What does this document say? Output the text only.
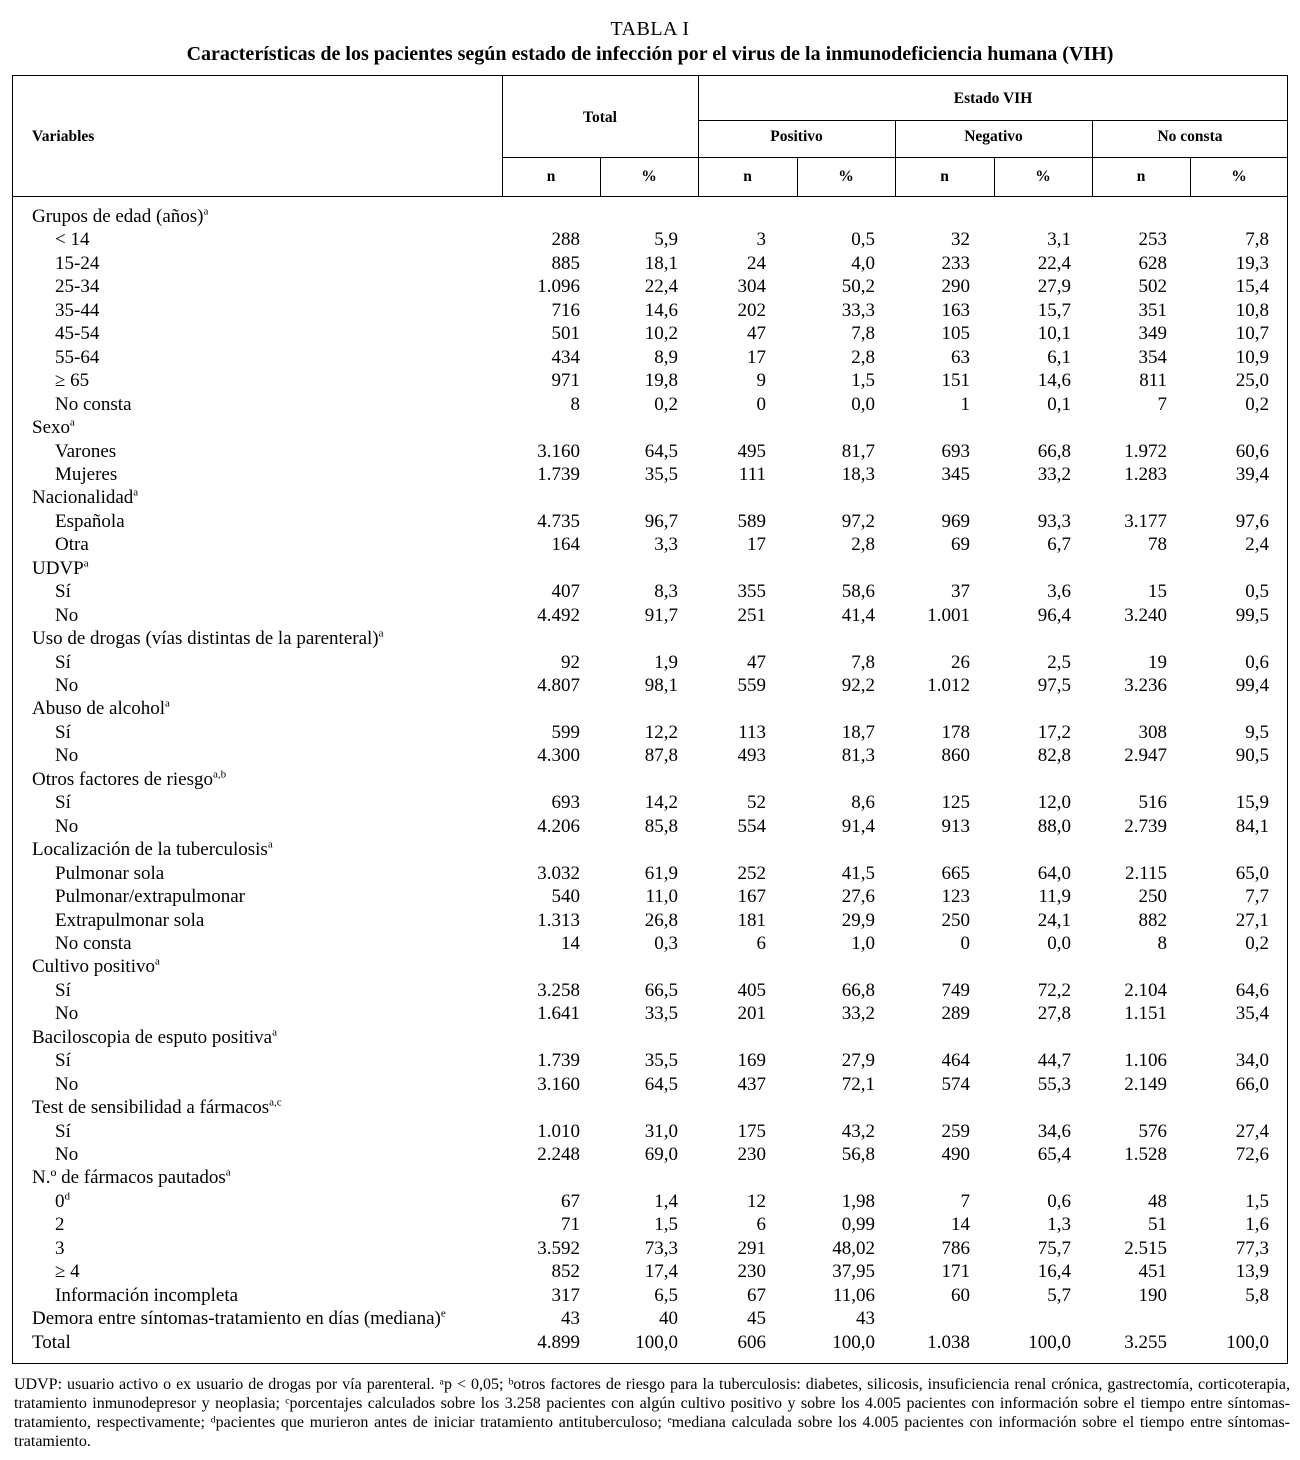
TABLA I
Características de los pacientes según estado de infección por el virus de la inmunodeficiencia humana (VIH)
Variables
Total
Estado VIH
Positivo	Negativo	No consta
n	%	n	%	n	%	n	%
Grupos de edad (años)$^a$
< 14	288	5,9	3	0,5	32	3,1	253	7,8
15-24	885	18,1	24	4,0	233	22,4	628	19,3
25-34	1.096	22,4	304	50,2	290	27,9	502	15,4
35-44	716	14,6	202	33,3	163	15,7	351	10,8
45-54	501	10,2	47	7,8	105	10,1	349	10,7
55-64	434	8,9	17	2,8	63	6,1	354	10,9
≥ 65	971	19,8	9	1,5	151	14,6	811	25,0
No consta	8	0,2	0	0,0	1	0,1	7	0,2
Sexo$^a$
Varones	3.160	64,5	495	81,7	693	66,8	1.972	60,6
Mujeres	1.739	35,5	111	18,3	345	33,2	1.283	39,4
Nacionalidad$^a$
Española	4.735	96,7	589	97,2	969	93,3	3.177	97,6
Otra	164	3,3	17	2,8	69	6,7	78	2,4
UDVP$^a$
Sí	407	8,3	355	58,6	37	3,6	15	0,5
No	4.492	91,7	251	41,4	1.001	96,4	3.240	99,5
Uso de drogas (vías distintas de la parenteral)$^a$
Sí	92	1,9	47	7,8	26	2,5	19	0,6
No	4.807	98,1	559	92,2	1.012	97,5	3.236	99,4
Abuso de alcohol$^a$
Sí	599	12,2	113	18,7	178	17,2	308	9,5
No	4.300	87,8	493	81,3	860	82,8	2.947	90,5
Otros factores de riesgo$^{a,b}$
Sí	693	14,2	52	8,6	125	12,0	516	15,9
No	4.206	85,8	554	91,4	913	88,0	2.739	84,1
Localización de la tuberculosis$^a$
Pulmonar sola	3.032	61,9	252	41,5	665	64,0	2.115	65,0
Pulmonar/extrapulmonar	540	11,0	167	27,6	123	11,9	250	7,7
Extrapulmonar sola	1.313	26,8	181	29,9	250	24,1	882	27,1
No consta	14	0,3	6	1,0	0	0,0	8	0,2
Cultivo positivo$^a$
Sí	3.258	66,5	405	66,8	749	72,2	2.104	64,6
No	1.641	33,5	201	33,2	289	27,8	1.151	35,4
Baciloscopia de esputo positiva$^a$
Sí	1.739	35,5	169	27,9	464	44,7	1.106	34,0
No	3.160	64,5	437	72,1	574	55,3	2.149	66,0
Test de sensibilidad a fármacos$^{a,c}$
Sí	1.010	31,0	175	43,2	259	34,6	576	27,4
No	2.248	69,0	230	56,8	490	65,4	1.528	72,6
N.º de fármacos pautados$^a$
0$^d$	67	1,4	12	1,98	7	0,6	48	1,5
2	71	1,5	6	0,99	14	1,3	51	1,6
3	3.592	73,3	291	48,02	786	75,7	2.515	77,3
≥ 4	852	17,4	230	37,95	171	16,4	451	13,9
Información incompleta	317	6,5	67	11,06	60	5,7	190	5,8
Demora entre síntomas-tratamiento en días (mediana)$^e$	43	40	45	43
Total	4.899	100,0	606	100,0	1.038	100,0	3.255	100,0
UDVP: usuario activo o ex usuario de drogas por vía parenteral. ᵃp < 0,05; ᵇotros factores de riesgo para la tuberculosis: diabetes, silicosis, insuficiencia renal crónica, gastrectomía, corticoterapia, tratamiento inmunodepresor y neoplasia; ᶜporcentajes calculados sobre los 3.258 pacientes con algún cultivo positivo y sobre los 4.005 pacientes con información sobre el tiempo entre síntomas-tratamiento, respectivamente; ᵈpacientes que murieron antes de iniciar tratamiento antituberculoso; ᵉmediana calculada sobre los 4.005 pacientes con información sobre el tiempo entre síntomas-tratamiento.
